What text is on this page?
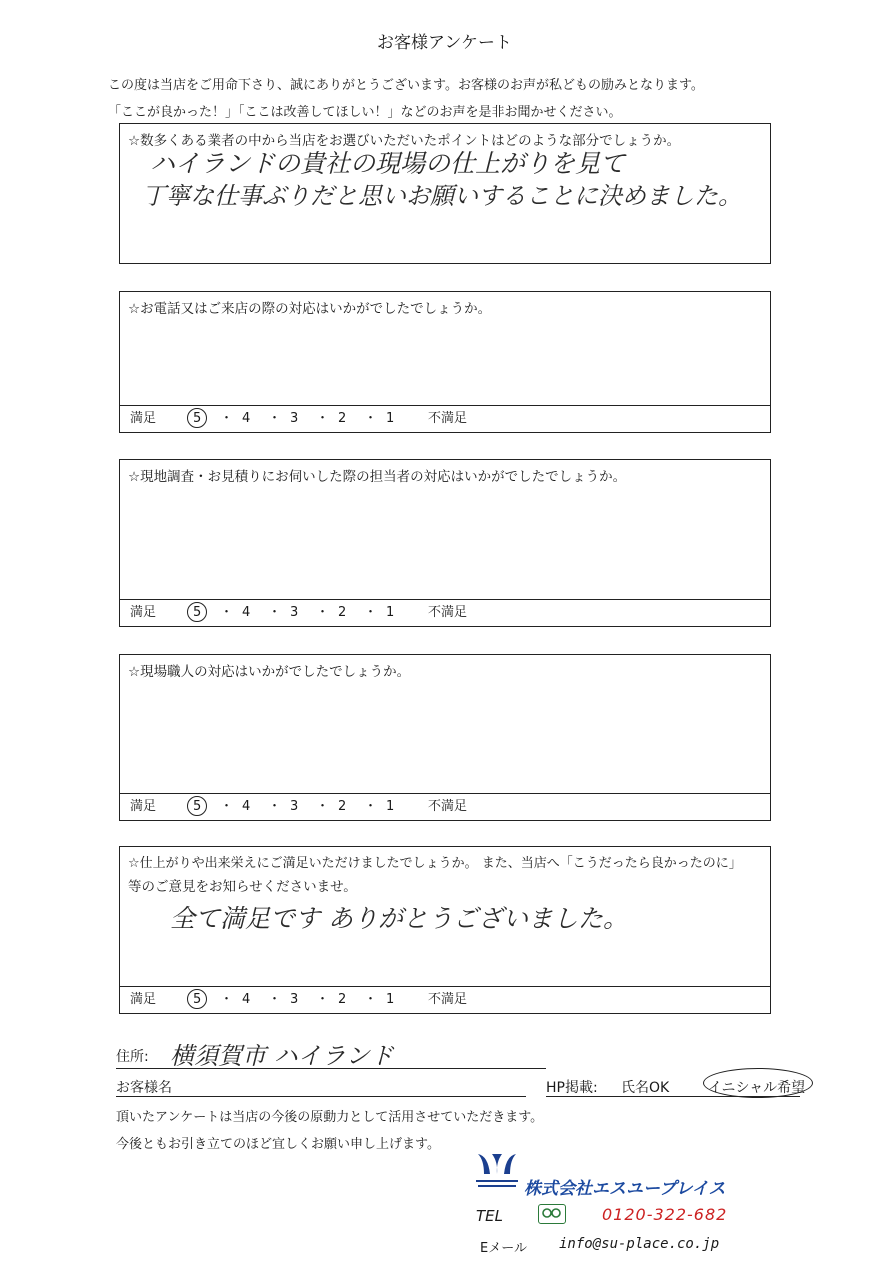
お客様アンケート
この度は当店をご用命下さり、誠にありがとうございます。お客様のお声が私どもの励みとなります。
「ここが良かった！」「ここは改善してほしい！」などのお声を是非お聞かせください。
☆数多くある業者の中から当店をお選びいただいたポイントはどのような部分でしょうか。
ハイランドの貴社の現場の仕上がりを見て
丁寧な仕事ぶりだと思いお願いすることに決めました。
☆お電話又はご来店の際の対応はいかがでしたでしょうか。
満足	5 ・ 4 ・ 3 ・ 2 ・ 1	不満足
☆現地調査・お見積りにお伺いした際の担当者の対応はいかがでしたでしょうか。
満足	5 ・ 4 ・ 3 ・ 2 ・ 1	不満足
☆現場職人の対応はいかがでしたでしょうか。
満足	5 ・ 4 ・ 3 ・ 2 ・ 1	不満足
☆仕上がりや出来栄えにご満足いただけましたでしょうか。 また、当店へ「こうだったら良かったのに」
等のご意見をお知らせくださいませ。
全て満足です ありがとうございました。
満足	5 ・ 4 ・ 3 ・ 2 ・ 1	不満足
住所: 横須賀市 ハイランド
お客様名	HP掲載: 氏名OK	イニシャル希望
頂いたアンケートは当店の今後の原動力として活用させていただきます。
今後ともお引き立てのほど宜しくお願い申し上げます。
株式会社エスユープレイス
TEL	0120-322-682
Eメール info@su-place.co.jp
